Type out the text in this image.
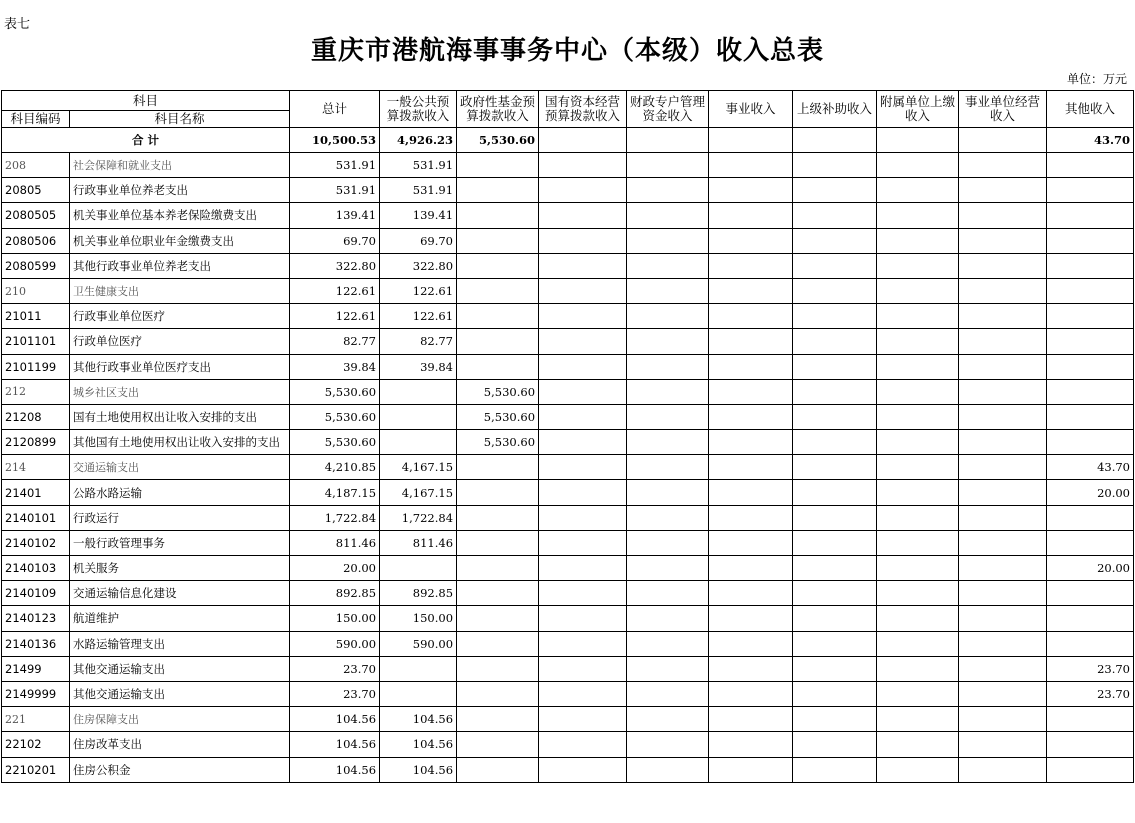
表七
重庆市港航海事事务中心（本级）收入总表
单位：万元
科目		总计	一般公共预算拨款收入	政府性基金预算拨款收入	国有资本经营预算拨款收入	财政专户管理资金收入	事业收入	上级补助收入	附属单位上缴收入	事业单位经营收入	其他收入
科目编码	科目名称										
合 计		10,500.53	4,926.23	5,530.60							43.70
208	社会保障和就业支出	531.91	531.91								
20805	行政事业单位养老支出	531.91	531.91								
2080505	机关事业单位基本养老保险缴费支出	139.41	139.41								
2080506	机关事业单位职业年金缴费支出	69.70	69.70								
2080599	其他行政事业单位养老支出	322.80	322.80								
210	卫生健康支出	122.61	122.61								
21011	行政事业单位医疗	122.61	122.61								
2101101	行政单位医疗	82.77	82.77								
2101199	其他行政事业单位医疗支出	39.84	39.84								
212	城乡社区支出	5,530.60		5,530.60							
21208	国有土地使用权出让收入安排的支出	5,530.60		5,530.60							
2120899	其他国有土地使用权出让收入安排的支出	5,530.60		5,530.60							
214	交通运输支出	4,210.85	4,167.15								43.70
21401	公路水路运输	4,187.15	4,167.15								20.00
2140101	行政运行	1,722.84	1,722.84								
2140102	一般行政管理事务	811.46	811.46								
2140103	机关服务	20.00									20.00
2140109	交通运输信息化建设	892.85	892.85								
2140123	航道维护	150.00	150.00								
2140136	水路运输管理支出	590.00	590.00								
21499	其他交通运输支出	23.70									23.70
2149999	其他交通运输支出	23.70									23.70
221	住房保障支出	104.56	104.56								
22102	住房改革支出	104.56	104.56								
2210201	住房公积金	104.56	104.56								
